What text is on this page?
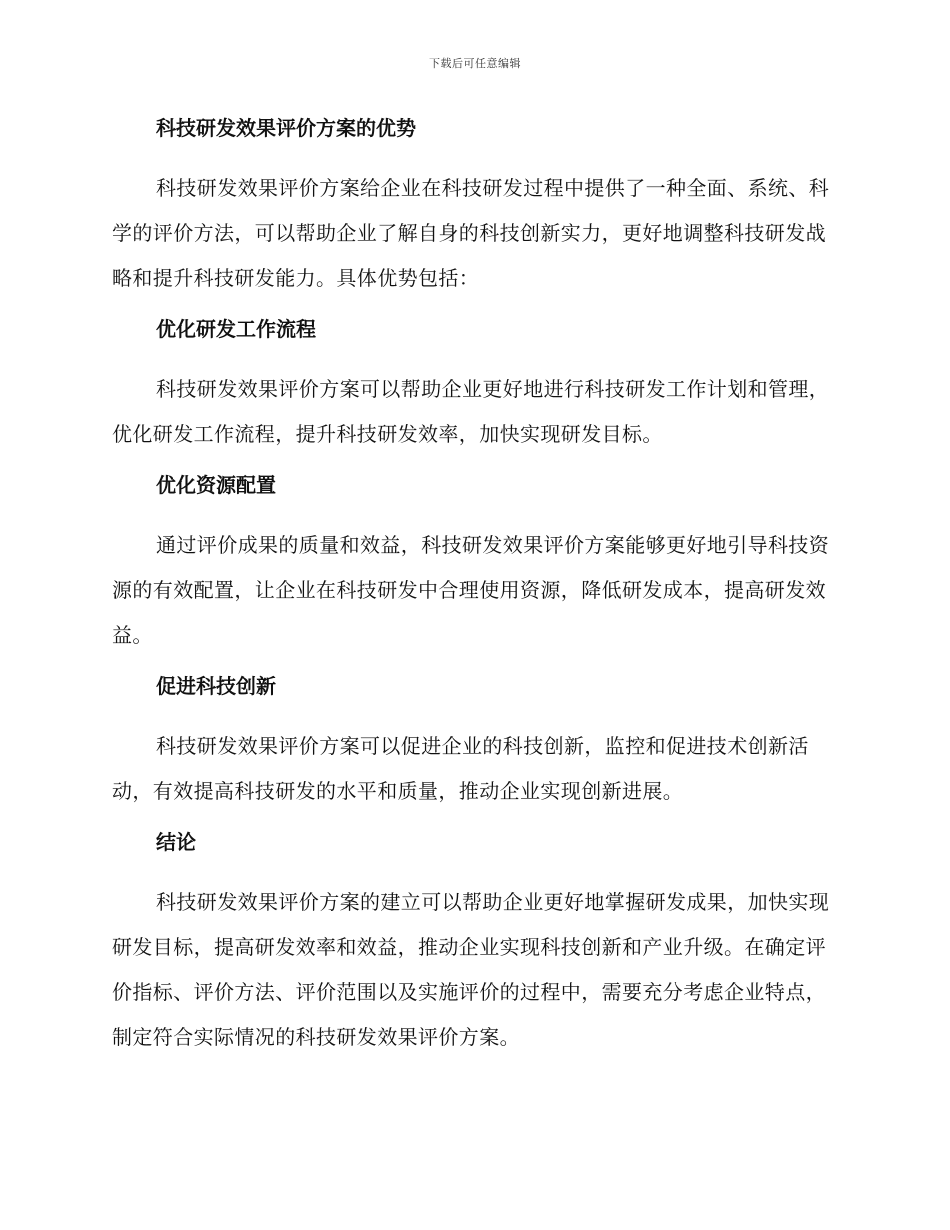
下载后可任意编辑
科技研发效果评价方案的优势

科技研发效果评价方案给企业在科技研发过程中提供了一种全面、系统、科学的评价方法，可以帮助企业了解自身的科技创新实力，更好地调整科技研发战略和提升科技研发能力。具体优势包括：

优化研发工作流程

科技研发效果评价方案可以帮助企业更好地进行科技研发工作计划和管理，优化研发工作流程，提升科技研发效率，加快实现研发目标。

优化资源配置

通过评价成果的质量和效益，科技研发效果评价方案能够更好地引导科技资源的有效配置，让企业在科技研发中合理使用资源，降低研发成本，提高研发效益。

促进科技创新

科技研发效果评价方案可以促进企业的科技创新，监控和促进技术创新活动，有效提高科技研发的水平和质量，推动企业实现创新进展。

结论

科技研发效果评价方案的建立可以帮助企业更好地掌握研发成果，加快实现研发目标，提高研发效率和效益，推动企业实现科技创新和产业升级。在确定评价指标、评价方法、评价范围以及实施评价的过程中，需要充分考虑企业特点，制定符合实际情况的科技研发效果评价方案。
